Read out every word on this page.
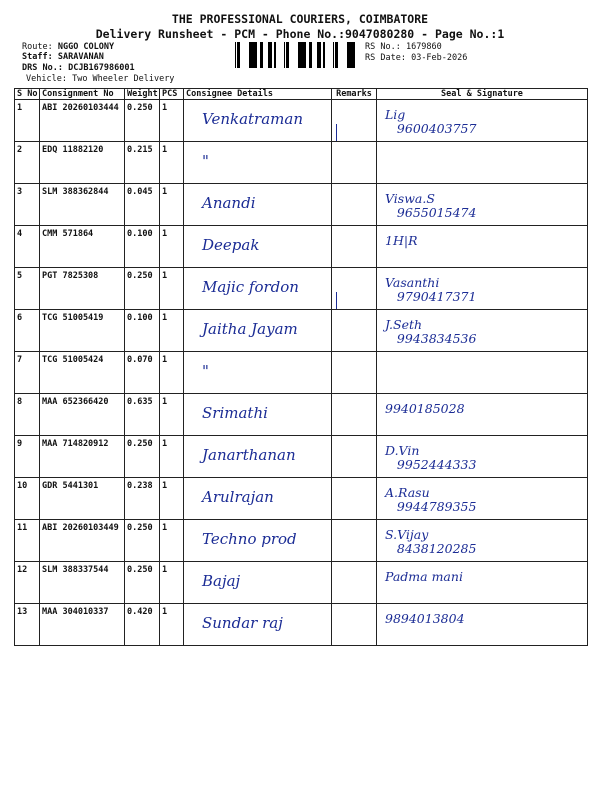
THE PROFESSIONAL COURIERS, COIMBATORE
Delivery Runsheet - PCM - Phone No.:9047080280 - Page No.:1
Route: NGGO COLONY
Staff: SARAVANAN
DRS No.: DCJB167986001
Vehicle: Two Wheeler Delivery
RS No.: 1679860
RS Date: 03-Feb-2026
S No	Consignment No	Weight	PCS	Consignee Details	Remarks	Seal & Signature
1	ABI 20260103444	0.250	1	Venkatraman		Lig
9600403757

2	EDQ 11882120	0.215	1	"		

3	SLM 388362844	0.045	1	Anandi		Viswa.S
9655015474

4	CMM 571864	0.100	1	Deepak		1H|R

5	PGT 7825308	0.250	1	Majic fordon		Vasanthi
9790417371

6	TCG 51005419	0.100	1	Jaitha Jayam		J.Seth
9943834536

7	TCG 51005424	0.070	1	"		

8	MAA 652366420	0.635	1	Srimathi		9940185028

9	MAA 714820912	0.250	1	Janarthanan		D.Vin
9952444333

10	GDR 5441301	0.238	1	Arulrajan		A.Rasu
9944789355

11	ABI 20260103449	0.250	1	Techno prod		S.Vijay
8438120285

12	SLM 388337544	0.250	1	Bajaj		Padma mani

13	MAA 304010337	0.420	1	Sundar raj		9894013804
